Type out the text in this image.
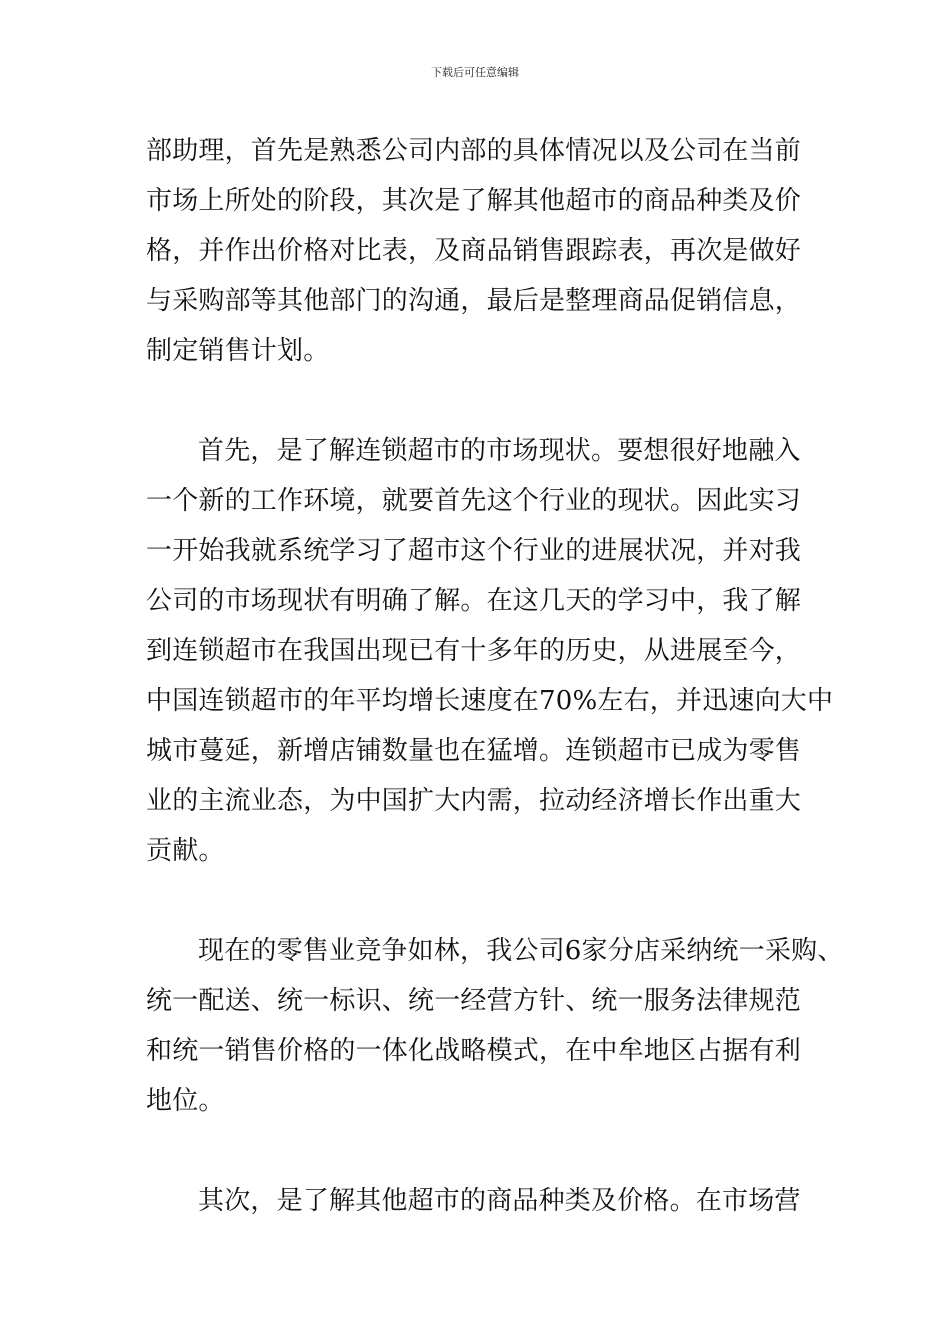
下载后可任意编辑
部助理，首先是熟悉公司内部的具体情况以及公司在当前
市场上所处的阶段，其次是了解其他超市的商品种类及价
格，并作出价格对比表，及商品销售跟踪表，再次是做好
与采购部等其他部门的沟通，最后是整理商品促销信息，
制定销售计划。
首先，是了解连锁超市的市场现状。要想很好地融入
一个新的工作环境，就要首先这个行业的现状。因此实习
一开始我就系统学习了超市这个行业的进展状况，并对我
公司的市场现状有明确了解。在这几天的学习中，我了解
到连锁超市在我国出现已有十多年的历史，从进展至今，
中国连锁超市的年平均增长速度在70%左右，并迅速向大中
城市蔓延，新增店铺数量也在猛增。连锁超市已成为零售
业的主流业态，为中国扩大内需，拉动经济增长作出重大
贡献。
现在的零售业竞争如林，我公司6家分店采纳统一采购、
统一配送、统一标识、统一经营方针、统一服务法律规范
和统一销售价格的一体化战略模式，在中牟地区占据有利
地位。
其次，是了解其他超市的商品种类及价格。在市场营
